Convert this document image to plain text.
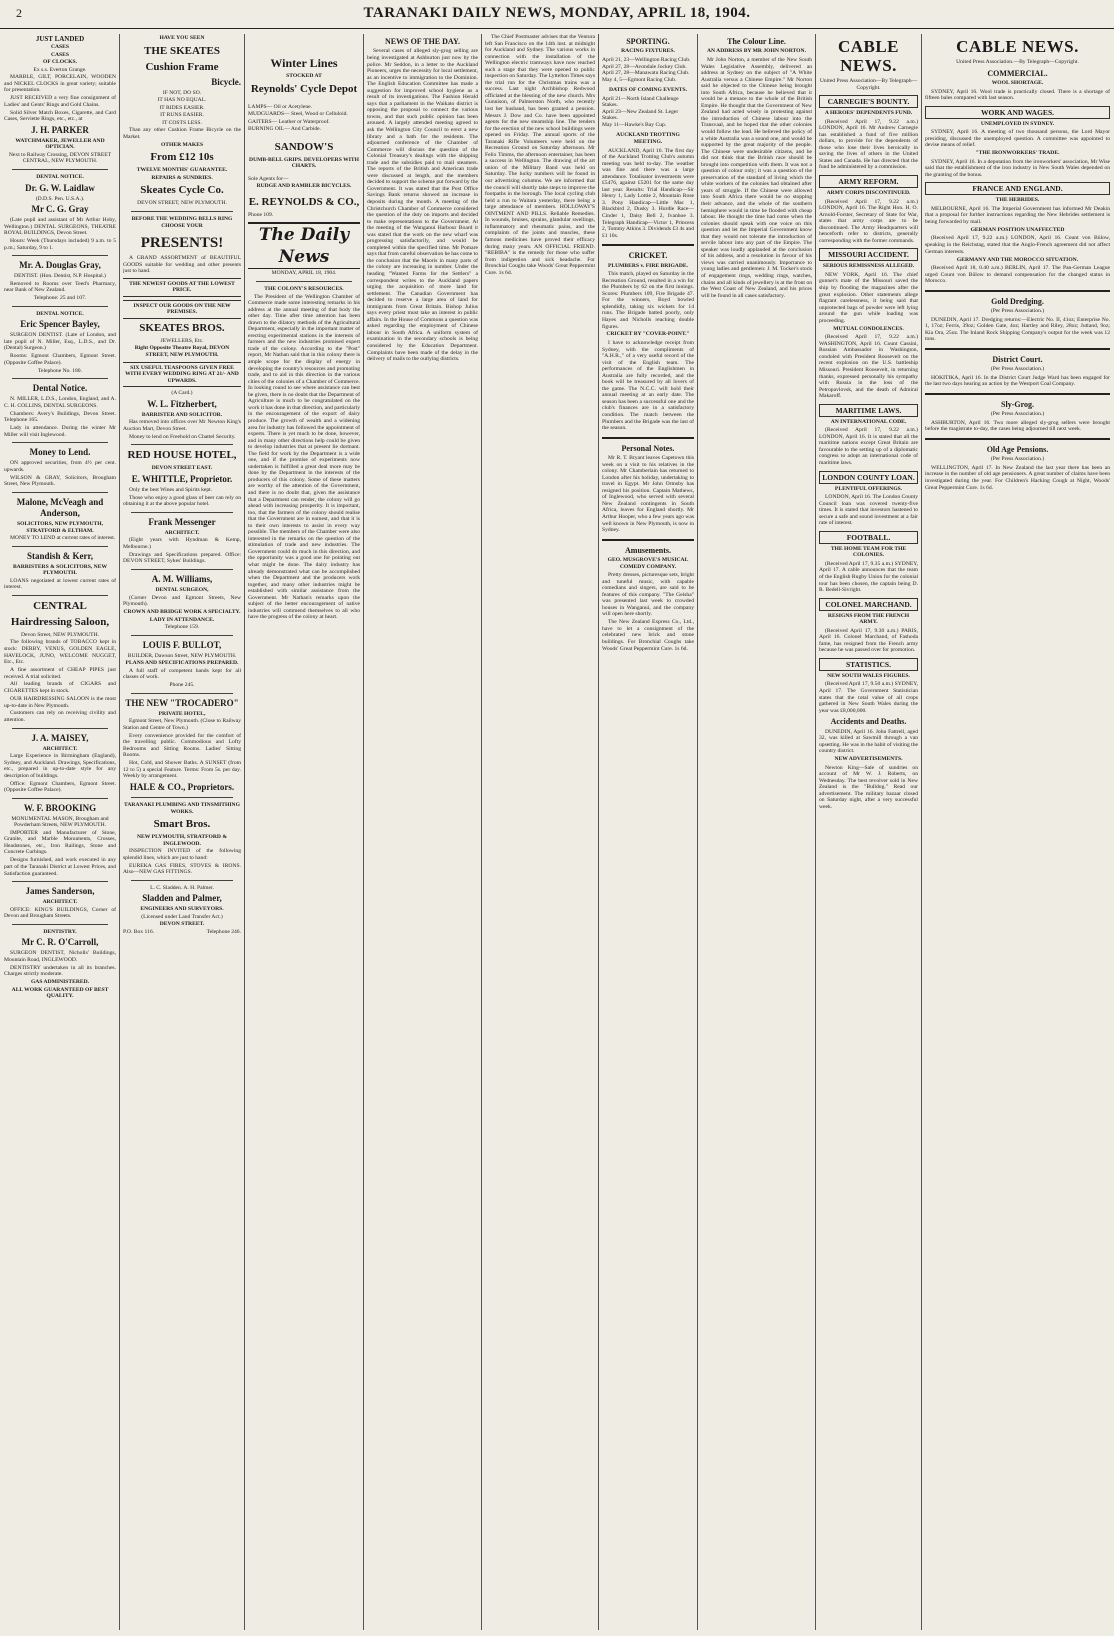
2	TARANAKI DAILY NEWS, MONDAY, APRIL 18, 1904.
JUST LANDED
CASES
CASES
OF CLOCKS.
Ex s.s. Everton Grange.

MARBLE, GILT, PORCELAIN, WOODEN and NICKEL CLOCKS in great variety; suitable for presentation.

JUST RECEIVED a very fine consignment of Ladies' and Gents' Rings and Gold Chains.

Solid Silver Match Boxes, Cigarette, and Card Cases, Serviette Rings, etc., etc., at

J. H. PARKER
WATCHMAKER, JEWELLER AND OPTICIAN.
Next to Railway Crossing, DEVON STREET CENTRAL, NEW PLYMOUTH.
DENTAL NOTICE.
Dr. G. W. Laidlaw
(D.D.S. Pen. U.S.A.).
Mr C. G. Gray

(Late pupil and assistant of Mr Arthur Hoby, Wellington.) DENTAL SURGEONS, THEATRE ROYAL BUILDINGS, Devon Street.

Hours: Week (Thursdays included) 9 a.m. to 5 p.m.; Saturday, 9 to 1.

Mr. A. Douglas Gray,
DENTIST. (Hon. Dentist, N.P. Hospital.)

Removed to Rooms over Teed's Pharmacy, near Bank of New Zealand.

Telephone: 25 and 107.
DENTAL NOTICE.
Eric Spencer Bayley,

SURGEON DENTIST. (Late of London, and late pupil of N. Miller, Esq., L.D.S., and Dr. (Dental) Surgeon.)

Rooms: Egmont Chambers, Egmont Street. (Opposite Coffee Palace).

Telephone No. 180.
Dental Notice.

N. MILLER, L.D.S., London, England, and A. C. H. COLLINS, DENTAL SURGEONS.

Chambers: Avery's Buildings, Devon Street. Telephone 165.

Lady in attendance. During the winter Mr Miller will visit Inglewood.

Money to Lend.

ON approved securities, from 4½ per cent. upwards.

WILSON & GRAY, Solicitors, Brougham Street, New Plymouth.

Malone, McVeagh and Anderson,
SOLICITORS, NEW PLYMOUTH, STRATFORD & ELTHAM.

MONEY TO LEND at current rates of interest.

Standish & Kerr,
BARRISTERS & SOLICITORS, NEW PLYMOUTH.

LOANS negotiated at lowest current rates of interest.

CENTRAL
Hairdressing Saloon,
Devon Street, NEW PLYMOUTH.

The following brands of TOBACCO kept in stock: DERBY, VENUS, GOLDEN EAGLE, HAVELOCK, JUNO, WELCOME NUGGET, Etc., Etc.

A fine assortment of CHEAP PIPES just received. A trial solicited.

All leading brands of CIGARS and CIGARETTES kept in stock.

OUR HAIRDRESSING SALOON is the most up-to-date in New Plymouth.

Customers can rely on receiving civility and attention.

J. A. MAISEY,
ARCHITECT.

Large Experience in Birmingham (England), Sydney, and Auckland. Drawings, Specifications, etc., prepared in up-to-date style for any description of buildings.

Office: Egmont Chambers, Egmont Street. (Opposite Coffee Palace).

W. F. BROOKING
MONUMENTAL MASON, Brougham and Powderham Streets, NEW PLYMOUTH.

IMPORTER and Manufacturer of Stone, Granite, and Marble Monuments, Crosses, Headstones, etc., Iron Railings, Stone and Concrete Curbings.

Designs furnished, and work executed in any part of the Taranaki District at Lowest Prices, and Satisfaction guaranteed.

James Sanderson,
ARCHITECT.

OFFICE: KING'S BUILDINGS, Corner of Devon and Brougham Streets.

DENTISTRY.
Mr C. R. O'Carroll,

SURGEON DENTIST, Nicholls' Buildings, Mountain Road, INGLEWOOD.

DENTISTRY undertaken in all its branches. Charges strictly moderate.

GAS ADMINISTERED.
ALL WORK GUARANTEED OF BEST QUALITY.
HAVE YOU SEEN
THE SKEATES
Cushion Frame
Bicycle.
IF NOT, DO SO.
IT HAS NO EQUAL.
IT RIDES EASIER.
IT RUNS EASIER.
IT COSTS LESS.

Than any other Cushion Frame Bicycle on the Market.

OTHER MAKES
From £12 10s
TWELVE MONTHS' GUARANTEE.
REPAIRS & SUNDRIES.
Skeates Cycle Co.
DEVON STREET, NEW PLYMOUTH.
BEFORE THE WEDDING BELLS RING CHOOSE YOUR
PRESENTS!

A GRAND ASSORTMENT of BEAUTIFUL GOODS suitable for wedding and other presents just to hand.

THE NEWEST GOODS AT THE LOWEST PRICE.
INSPECT OUR GOODS ON THE NEW PREMISES.
SKEATES BROS.
JEWELLERS, Etc.
Right Opposite Theatre Royal, DEVON STREET, NEW PLYMOUTH.
SIX USEFUL TEASPOONS GIVEN FREE WITH EVERY WEDDING RING AT 21/- AND UPWARDS.
(A Card.)
W. L. Fitzherbert,
BARRISTER AND SOLICITOR.

Has removed into offices over Mr Newton King's Auction Mart, Devon Street.

Money to lend on Freehold on Chattel Security.

RED HOUSE HOTEL,
DEVON STREET EAST.
E. WHITTLE, Proprietor.

Only the best Wines and Spirits kept.

Those who enjoy a good glass of beer can rely on obtaining it at the above popular hotel.

Frank Messenger
ARCHITECT.

(Eight years with Hyndman & Kemp, Melbourne.)

Drawings and Specifications prepared. Office: DEVON STREET, Sykes' Buildings.

A. M. Williams,
DENTAL SURGEON,

(Corner Devon and Egmont Streets, New Plymouth).

CROWN AND BRIDGE WORK A SPECIALTY.
LADY IN ATTENDANCE.
Telephone 159.
LOUIS F. BULLOT,
BUILDER, Dawson Street, NEW PLYMOUTH.
PLANS AND SPECIFICATIONS PREPARED.

A full staff of competent hands kept for all classes of work.

Phone 245.
THE NEW "TROCADERO"
PRIVATE HOTEL,

Egmont Street, New Plymouth. (Close to Railway Station and Centre of Town.)

Every convenience provided for the comfort of the travelling public. Commodious and Lofty Bedrooms and Sitting Rooms. Ladies' Sitting Rooms.

Hot, Cold, and Shower Baths. A SUNSET (from 12 to 5) a special Feature. Terms: From 5s. per day. Weekly by arrangement.

HALE & CO., Proprietors.
TARANAKI PLUMBING AND TINSMITHING WORKS.
Smart Bros.
NEW PLYMOUTH, STRATFORD & INGLEWOOD.

INSPECTION INVITED of the following splendid lines, which are just to hand:

EUREKA GAS FIRES, STOVES & IRONS. Also—NEW GAS FITTINGS.

L. C. Sladden. A. H. Palmer.
Sladden and Palmer,
ENGINEERS AND SURVEYORS.
(Licensed under Land Transfer Act.)
DEVON STREET.
P.O. Box 116.	Telephone 246.
Winter Lines
STOCKED AT
Reynolds' Cycle Depot
LAMPS— Oil or Acetylene.
MUDGUARDS— Steel, Wood or Celluloid.
GAITERS— Leather or Waterproof.
BURNING OIL— And Carbide.
SANDOW'S
DUMB-BELL GRIPS. DEVELOPERS WITH CHARTS.
Sole Agents for—
RUDGE AND RAMBLER BICYCLES.
E. REYNOLDS & CO.,
Phone 109.
The Daily News
MONDAY, APRIL 18, 1904.
THE COLONY'S RESOURCES.

The President of the Wellington Chamber of Commerce made some interesting remarks in his address at the annual meeting of that body the other day. Time after time attention has been drawn to the dilatory methods of the Agricultural Department, especially in the important matter of erecting experimental stations in the interests of farmers and the new industries promised expert trade of the colony. According to the "Post" report, Mr Nathan said that in this colony there is ample scope for the display of energy in developing the country's resources and promoting trade, and to aid in this direction in the various cities of the colonies of a Chamber of Commerce. In looking round to see where assistance can best be given, there is no doubt that the Department of Agriculture is much to be congratulated on the work it has done in that direction, and particularly in the encouragement of the export of dairy produce. The growth of wealth and a widening area for industry has followed the appointment of experts. There is yet much to be done, however, and in many other directions help could be given to develop industries that at present lie dormant. The field for work by the Department is a wide one, and if the promise of experiments now undertaken is fulfilled a great deal more may be done by the Department in the interests of the producers of this colony. Some of these matters are worthy of the attention of the Government, and there is no doubt that, given the assistance that a Department can render, the colony will go ahead with increasing prosperity. It is important, too, that the farmers of the colony should realise that the Government are in earnest, and that it is to their own interests to assist in every way possible. The members of the Chamber were also interested in the remarks on the question of the stimulation of trade and new industries. The Government could do much in this direction, and the opportunity was a good one for pointing out what might be done. The dairy industry has already demonstrated what can be accomplished when the Department and the producers work together, and many other industries might be established with similar assistance from the Government. Mr Nathan's remarks upon the subject of the better encouragement of native industries will commend themselves to all who have the progress of the colony at heart.

NEWS OF THE DAY.

Several cases of alleged sly-grog selling are being investigated at Ashburton just now by the police. Mr Seddon, in a letter to the Auckland Pioneers, urges the necessity for local settlement, as an incentive to immigration to the Dominion. The English Education Committee has made a suggestion for improved school hygiene as a result of its investigations. The Fashion Herald says that a parliament in the Waikato district is opposing the proposal to connect the various towns, and that such public opinion has been aroused. A largely attended meeting agreed to ask the Wellington City Council to erect a new library and a bath for the residents. The adjourned conference of the Chamber of Commerce will discuss the question of the Colonial Treasury's dealings with the shipping trade and the subsidies paid to mail steamers. The reports of the British and American trade were discussed at length, and the members decided to support the scheme put forward by the Government. It was stated that the Post Office Savings Bank returns showed an increase in deposits during the month. A meeting of the Christchurch Chamber of Commerce considered the question of the duty on imports and decided to make representations to the Government. At the meeting of the Wanganui Harbour Board it was stated that the work on the new wharf was progressing satisfactorily, and would be completed within the specified time. Mr Pomare says that from careful observation he has come to the conclusion that the Maoris in many parts of the colony are increasing in number. Under the heading "Wanted Farms for the Settlers" a correspondent writes to the Auckland papers urging the acquisition of more land for settlement. The Canadian Government has decided to reserve a large area of land for immigrants from Great Britain. Bishop Julius says every priest must take an interest in public affairs. In the House of Commons a question was asked regarding the employment of Chinese labour in South Africa. A uniform system of examination in the secondary schools is being considered by the Education Department. Complaints have been made of the delay in the delivery of mails to the outlying districts.

The Chief Postmaster advises that the Ventura left San Francisco on the 14th inst. at midnight for Auckland and Sydney. The various works in connection with the installation of the Wellington electric tramways have now reached such a stage that they were opened to public inspection on Saturday. The Lyttelton Times says the trial run for the Christmas trains was a success. Last night Archbishop Redwood officiated at the blessing of the new church. Mrs Gunnison, of Palmerston North, who recently lost her husband, has been granted a pension. Messrs J. Dow and Co. have been appointed agents for the new steamship line. The tenders for the erection of the new school buildings were opened on Friday. The annual sports of the Taranaki Rifle Volunteers were held on the Recreation Ground on Saturday afternoon. Mr Felix Timms, the afternoon entertainer, has been a success in Wellington. The drawing of the art union of the Military Band was held on Saturday. The lucky numbers will be found in our advertising columns. We are informed that the council will shortly take steps to improve the footpaths in the borough. The local cycling club held a run to Waitara yesterday, there being a large attendance of members. HOLLOWAY'S OINTMENT AND PILLS. Reliable Remedies. In wounds, bruises, sprains, glandular swellings, inflammatory and rheumatic pains, and the complaints of the joints and muscles, these famous medicines have proved their efficacy during many years. AN OFFICIAL FRIEND. "REBIBA" is the remedy for those who suffer from indigestion and sick headache. For Bronchial Coughs take Woods' Great Peppermint Cure. 1s 6d.

SPORTING.
RACING FIXTURES.
April 21, 23—Wellington Racing Club.
April 27, 28—Avondale Jockey Club.
April 27, 28—Manawatu Racing Club.
May 4, 5—Egmont Racing Club.
DATES OF COMING EVENTS.
April 21—North Island Challenge Stakes.
April 23—New Zealand St. Leger Stakes.
May 11—Hawke's Bay Cup.
AUCKLAND TROTTING MEETING.

AUCKLAND, April 16. The first day of the Auckland Trotting Club's autumn meeting was held to-day. The weather was fine and there was a large attendance. Totalisator investments were £5476, against £5201 for the same day last year. Results: Trial Handicap—Sir Henry 1, Lady Lottie 2, Mountain Rose 3. Pony Handicap—Little Mac 1, Blackbird 2, Dusky 3. Hurdle Race—Cinder 1, Daisy Bell 2, Ivanhoe 3. Telegraph Handicap—Victor 1, Princess 2, Tommy Atkins 3. Dividends £3 4s and £1 10s.

CRICKET.
PLUMBERS v. FIRE BRIGADE.

This match, played on Saturday in the Recreation Ground, resulted in a win for the Plumbers by 62 on the first innings. Scores: Plumbers 109, Fire Brigade 47. For the winners, Boyd bowled splendidly, taking six wickets for 14 runs. The Brigade batted poorly, only Hayes and Nicholls reaching double figures.

CRICKET BY "COVER-POINT."

I have to acknowledge receipt from Sydney, with the compliments of "A.H.R.," of a very useful record of the visit of the English team. The performances of the Englishmen in Australia are fully recorded, and the book will be treasured by all lovers of the game. The N.C.C. will hold their annual meeting at an early date. The season has been a successful one and the club's finances are in a satisfactory condition. The match between the Plumbers and the Brigade was the last of the season.

Personal Notes.

Mr R. T. Bryant leaves Capetown this week on a visit to his relatives in the colony. Mr Chamberlain has returned to London after his holiday, undertaking to travel in Egypt. Mr John Ormsby has resigned his position. Captain Mathews, of Inglewood, who served with several New Zealand contingents in South Africa, leaves for England shortly. Mr Arthur Hooper, who a few years ago was well known in New Plymouth, is now in Sydney.

Amusements.
GEO. MUSGROVE'S MUSICAL COMEDY COMPANY.

Pretty dresses, picturesque sets, bright and tuneful music, with capable comedians and singers, are said to be features of this company. "The Geisha" was presented last week to crowded houses in Wanganui, and the company will open here shortly.

The New Zealand Express Co., Ltd., have to let a consignment of the celebrated new brick and stone buildings. For Bronchial Coughs take Woods' Great Peppermint Cure. 1s 6d.

The Colour Line.
AN ADDRESS BY MR JOHN NORTON.

Mr John Norton, a member of the New South Wales Legislative Assembly, delivered an address at Sydney on the subject of "A White Australia versus a Chinese Empire." Mr Norton said he objected to the Chinese being brought into South Africa, because he believed that it would be a menace to the whole of the British Empire. He thought that the Government of New Zealand had acted wisely in protesting against the introduction of Chinese labour into the Transvaal, and he hoped that the other colonies would follow the lead. He believed the policy of a white Australia was a sound one, and would be supported by the great majority of the people. The Chinese were undesirable citizens, and he did not think that the British race should be brought into competition with them. It was not a question of colour only; it was a question of the preservation of the standard of living which the white workers of the colonies had obtained after years of struggle. If the Chinese were allowed into South Africa there would be no stopping their advance, and the whole of the southern hemisphere would in time be flooded with cheap labour. He thought the time had come when the colonies should speak with one voice on this question and let the Imperial Government know that they would not tolerate the introduction of servile labour into any part of the Empire. The speaker was loudly applauded at the conclusion of his address, and a resolution in favour of his views was carried unanimously. Importance to young ladies and gentlemen: J. M. Tocker's stock of engagement rings, wedding rings, watches, chains and all kinds of jewellery is at the front on the West Coast of New Zealand, and his prices will be found in all cases satisfactory.

CABLE NEWS.
United Press Association—By Telegraph—Copyright.
CARNEGIE'S BOUNTY.
A HEROES' DEPENDENTS FUND.

(Received April 17, 9.22 a.m.) LONDON, April 16. Mr Andrew Carnegie has established a fund of five million dollars, to provide for the dependents of those who lose their lives heroically in saving the lives of others in the United States and Canada. He has directed that the fund be administered by a commission.

ARMY REFORM.
ARMY CORPS DISCONTINUED.

(Received April 17, 9.22 a.m.) LONDON, April 16. The Right Hon. H. O. Arnold-Forster, Secretary of State for War, states that army corps are to be discontinued. The Army Headquarters will henceforth refer to districts, generally corresponding with the former commands.

MISSOURI ACCIDENT.
SERIOUS REMISSNESS ALLEGED.

NEW YORK, April 16. The chief gunner's mate of the Missouri saved the ship by flooding the magazines after the great explosion. Other statements allege flagrant carelessness, it being said that unprotected bags of powder were left lying around the gun while loading was proceeding.

MUTUAL CONDOLENCES.

(Received April 17, 9.22 a.m.) WASHINGTON, April 16. Count Cassini, Russian Ambassador in Washington, condoled with President Roosevelt on the recent explosion on the U.S. battleship Missouri. President Roosevelt, in returning thanks, expressed personally his sympathy with Russia in the loss of the Petropavlovsk, and the death of Admiral Makaroff.

MARITIME LAWS.
AN INTERNATIONAL CODE.

(Received April 17, 9.22 a.m.) LONDON, April 16. It is stated that all the maritime nations except Great Britain are favourable to the setting up of a diplomatic congress to adopt an international code of maritime laws.

LONDON COUNTY LOAN.
PLENTIFUL OFFERINGS.

LONDON, April 16. The London County Council loan was covered twenty-five times. It is stated that investors hastened to secure a safe and sound investment at a fair rate of interest.

FOOTBALL.
THE HOME TEAM FOR THE COLONIES.

(Received April 17, 9.35 a.m.) SYDNEY, April 17. A cable announces that the team of the English Rugby Union for the colonial tour has been chosen, the captain being D. R. Bedell-Sivright.

COLONEL MARCHAND.
RESIGNS FROM THE FRENCH ARMY.

(Received April 17, 9.30 a.m.) PARIS, April 16. Colonel Marchand, of Fashoda fame, has resigned from the French army because he was passed over for promotion.

STATISTICS.
NEW SOUTH WALES FIGURES.

(Received April 17, 9.50 a.m.) SYDNEY, April 17. The Government Statistician states that the total value of all crops gathered in New South Wales during the year was £8,000,000.

Accidents and Deaths.

DUNEDIN, April 16. John Fattrell, aged 32, was killed at Sawmill through a van upsetting. He was in the habit of visiting the country district.

NEW ADVERTISEMENTS.

Newton King—Sale of sundries on account of Mr W. J. Roberts, on Wednesday. The best revolver sold in New Zealand is the "Bulldog." Read our advertisement. The military bazaar closed on Saturday night, after a very successful week.

CABLE NEWS.
United Press Association.—By Telegraph—Copyright.
COMMERCIAL.
WOOL SHORTAGE.

SYDNEY, April 16. Wool trade is practically closed. There is a shortage of fifteen bales compared with last season.

WORK AND WAGES.
UNEMPLOYED IN SYDNEY.

SYDNEY, April 16. A meeting of two thousand persons, the Lord Mayor presiding, discussed the unemployed question. A committee was appointed to devise means of relief.

"THE IRONWORKERS' TRADE.

SYDNEY, April 16. In a deputation from the ironworkers' association, Mr Wise said that the establishment of the iron industry in New South Wales depended on the granting of the bonus.

FRANCE AND ENGLAND.
THE HEBRIDES.

MELBOURNE, April 16. The Imperial Government has informed Mr Deakin that a proposal for further instructions regarding the New Hebrides settlement is being forwarded by mail.

GERMAN POSITION UNAFFECTED

(Received April 17, 9.22 a.m.) LONDON, April 16. Count von Bülow, speaking in the Reichstag, stated that the Anglo-French agreement did not affect German interests.

GERMANY AND THE MOROCCO SITUATION.

(Received April 18, 0.40 a.m.) BERLIN, April 17. The Pan-German League urged Count von Bülow to demand compensation for the changed status in Morocco.

Gold Dredging.
(Per Press Association.)

DUNEDIN, April 17. Dredging returns:—Electric No. II, 41oz; Enterprise No. 1, 17oz; Ferris, 39oz; Golden Gate, 4oz; Hartley and Riley, 28oz; Jutland, 9oz; Kia Ora, 25oz. The Inland Rock Shipping Company's output for the week was 12 tons.

District Court.
(Per Press Association.)

HOKITIKA, April 16. In the District Court Judge Ward has been engaged for the last two days hearing an action by the Westport Coal Company.

Sly-Grog.
(Per Press Association.)

ASHBURTON, April 16. Two more alleged sly-grog sellers were brought before the magistrate to-day, the cases being adjourned till next week.

Old Age Pensions.
(Per Press Association.)

WELLINGTON, April 17. In New Zealand the last year there has been an increase in the number of old age pensioners. A great number of claims have been investigated during the year. For Children's Hacking Cough at Night, Woods' Great Peppermint Cure. 1s 6d.
